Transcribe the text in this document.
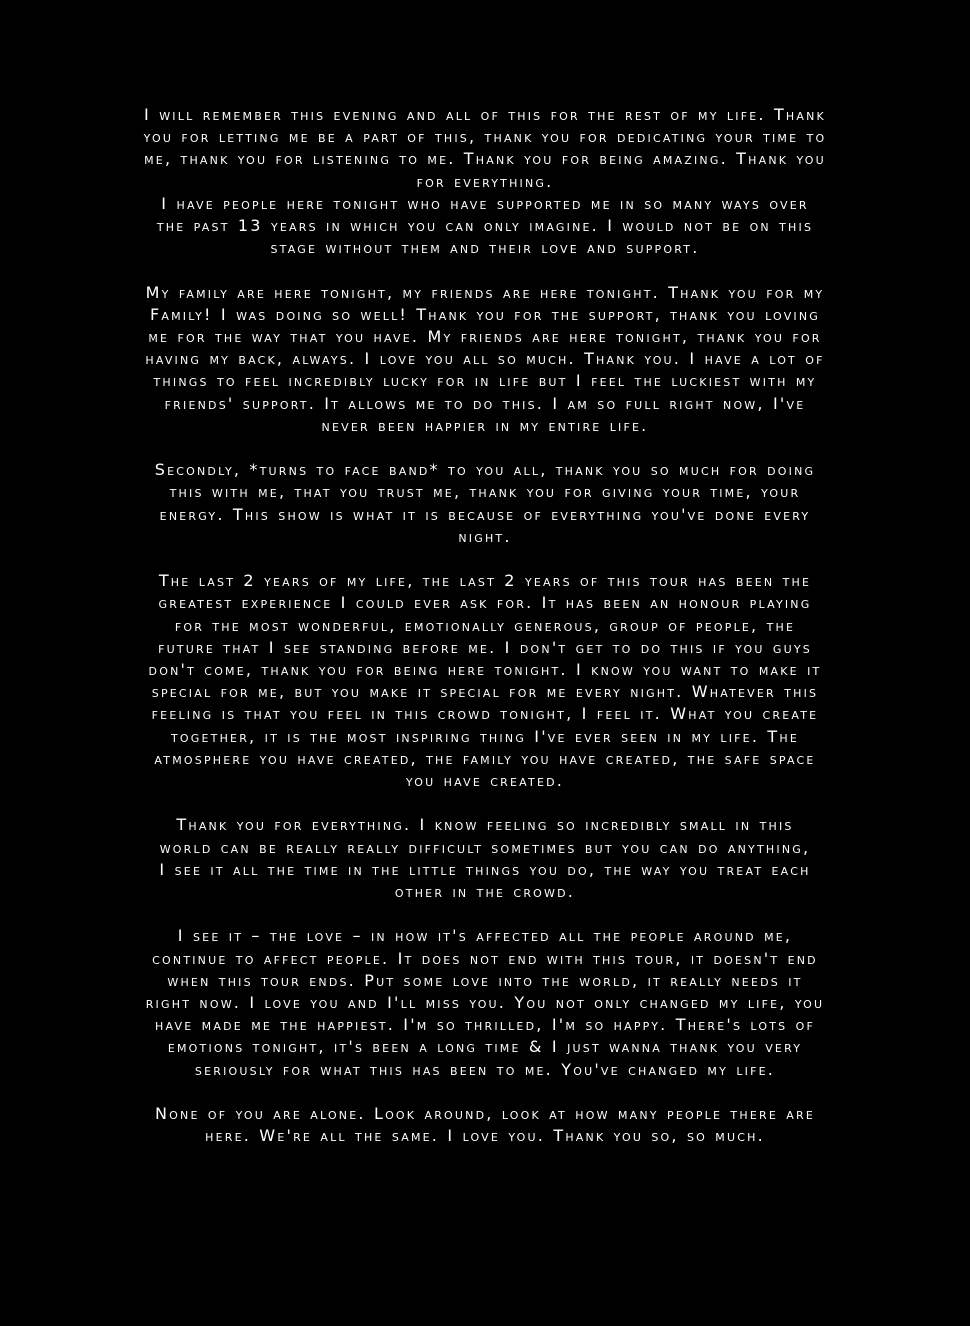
I will remember this evening and all of this for the rest of my life. Thank
you for letting me be a part of this, thank you for dedicating your time to
me, thank you for listening to me. Thank you for being amazing. Thank you
for everything.

I have people here tonight who have supported me in so many ways over
the past 13 years in which you can only imagine. I would not be on this
stage without them and their love and support.

My family are here tonight, my friends are here tonight. Thank you for my
Family! I was doing so well! Thank you for the support, thank you loving
me for the way that you have. My friends are here tonight, thank you for
having my back, always. I love you all so much. Thank you. I have a lot of
things to feel incredibly lucky for in life but I feel the luckiest with my
friends' support. It allows me to do this. I am so full right now, I've
never been happier in my entire life.

Secondly, *turns to face band* to you all, thank you so much for doing
this with me, that you trust me, thank you for giving your time, your
energy. This show is what it is because of everything you've done every
night.

The last 2 years of my life, the last 2 years of this tour has been the
greatest experience I could ever ask for. It has been an honour playing
for the most wonderful, emotionally generous, group of people, the
future that I see standing before me. I don't get to do this if you guys
don't come, thank you for being here tonight. I know you want to make it
special for me, but you make it special for me every night. Whatever this
feeling is that you feel in this crowd tonight, I feel it. What you create
together, it is the most inspiring thing I've ever seen in my life. The
atmosphere you have created, the family you have created, the safe space
you have created.

Thank you for everything. I know feeling so incredibly small in this
world can be really really difficult sometimes but you can do anything,
I see it all the time in the little things you do, the way you treat each
other in the crowd.

I see it – the love – in how it's affected all the people around me,
continue to affect people. It does not end with this tour, it doesn't end
when this tour ends. Put some love into the world, it really needs it
right now. I love you and I'll miss you. You not only changed my life, you
have made me the happiest. I'm so thrilled, I'm so happy. There's lots of
emotions tonight, it's been a long time & I just wanna thank you very
seriously for what this has been to me. You've changed my life.

None of you are alone. Look around, look at how many people there are
here. We're all the same. I love you. Thank you so, so much.
